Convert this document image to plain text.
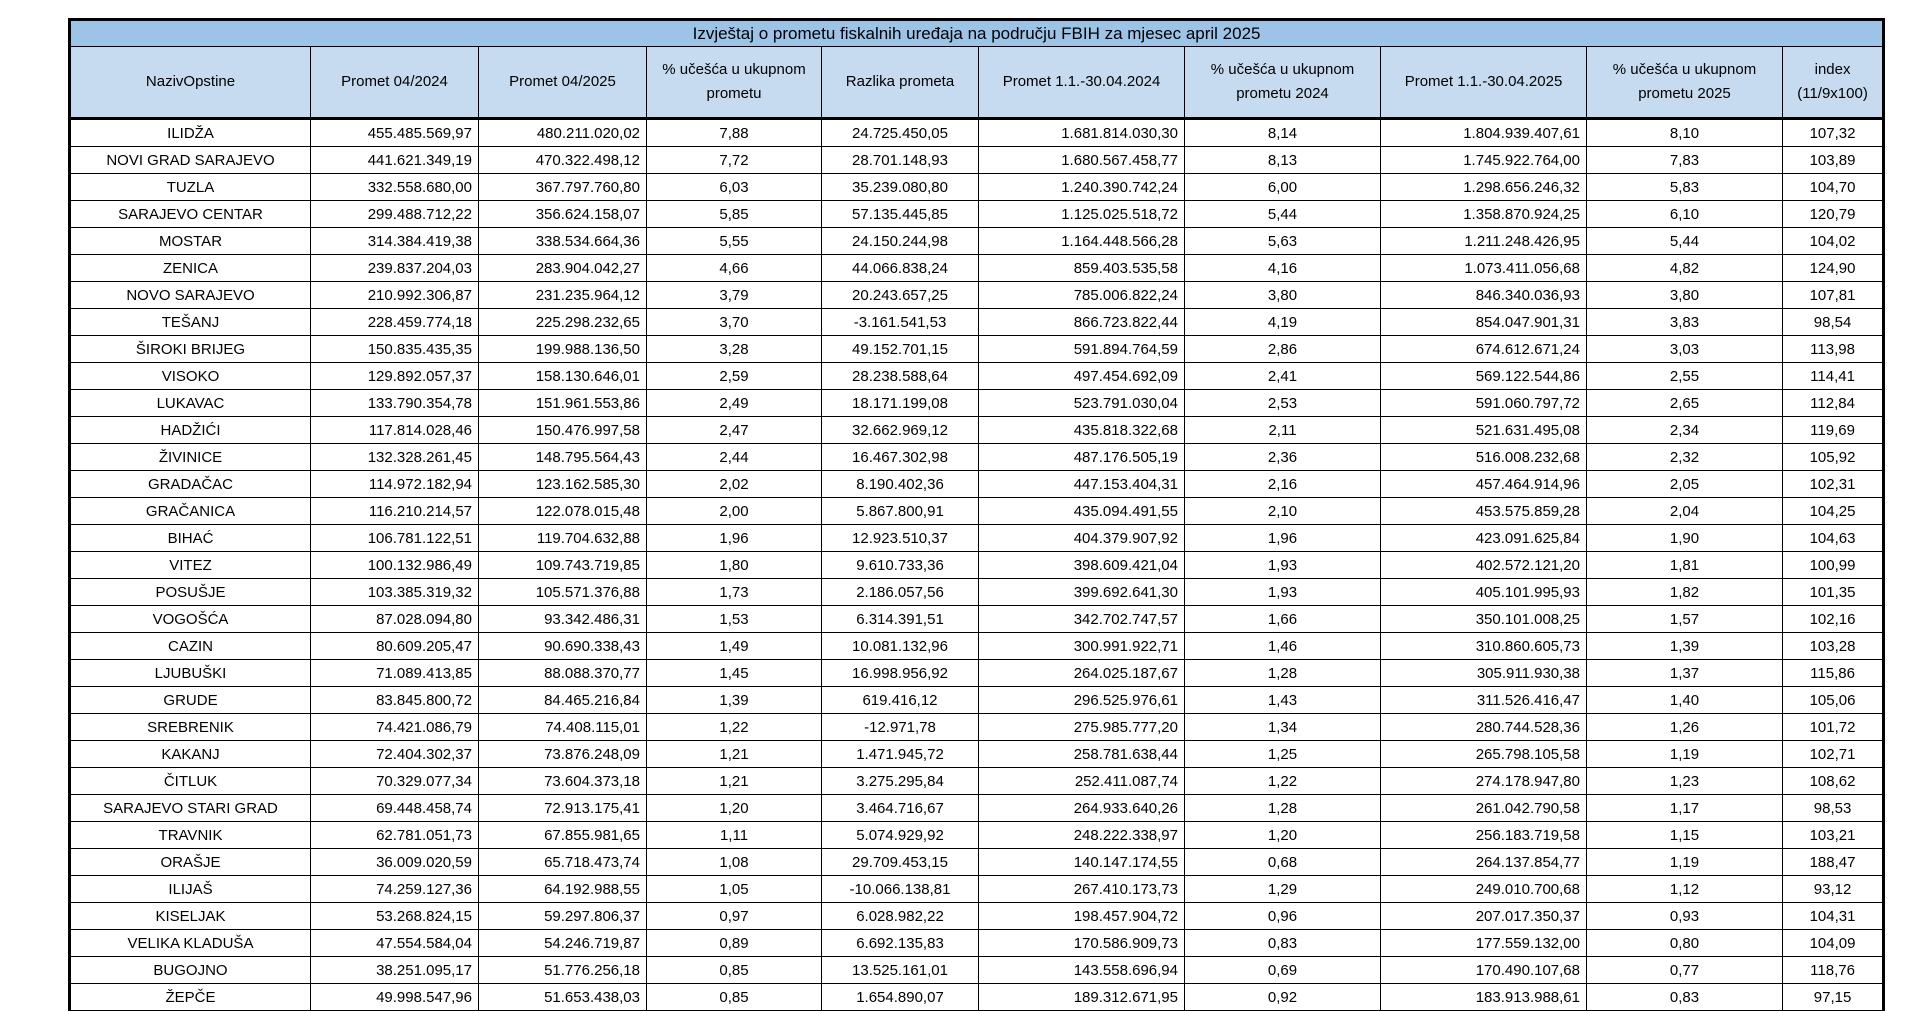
Izvještaj o prometu fiskalnih uređaja na području FBIH za mjesec april 2025									
NazivOpstine	Promet 04/2024	Promet 04/2025	% učešća u ukupnom prometu	Razlika prometa	Promet 1.1.-30.04.2024	% učešća u ukupnom prometu 2024	Promet 1.1.-30.04.2025	% učešća u ukupnom prometu 2025	index (11/9x100)
ILIDŽA	455.485.569,97	480.211.020,02	7,88	24.725.450,05	1.681.814.030,30	8,14	1.804.939.407,61	8,10	107,32
NOVI GRAD SARAJEVO	441.621.349,19	470.322.498,12	7,72	28.701.148,93	1.680.567.458,77	8,13	1.745.922.764,00	7,83	103,89
TUZLA	332.558.680,00	367.797.760,80	6,03	35.239.080,80	1.240.390.742,24	6,00	1.298.656.246,32	5,83	104,70
SARAJEVO CENTAR	299.488.712,22	356.624.158,07	5,85	57.135.445,85	1.125.025.518,72	5,44	1.358.870.924,25	6,10	120,79
MOSTAR	314.384.419,38	338.534.664,36	5,55	24.150.244,98	1.164.448.566,28	5,63	1.211.248.426,95	5,44	104,02
ZENICA	239.837.204,03	283.904.042,27	4,66	44.066.838,24	859.403.535,58	4,16	1.073.411.056,68	4,82	124,90
NOVO SARAJEVO	210.992.306,87	231.235.964,12	3,79	20.243.657,25	785.006.822,24	3,80	846.340.036,93	3,80	107,81
TEŠANJ	228.459.774,18	225.298.232,65	3,70	-3.161.541,53	866.723.822,44	4,19	854.047.901,31	3,83	98,54
ŠIROKI BRIJEG	150.835.435,35	199.988.136,50	3,28	49.152.701,15	591.894.764,59	2,86	674.612.671,24	3,03	113,98
VISOKO	129.892.057,37	158.130.646,01	2,59	28.238.588,64	497.454.692,09	2,41	569.122.544,86	2,55	114,41
LUKAVAC	133.790.354,78	151.961.553,86	2,49	18.171.199,08	523.791.030,04	2,53	591.060.797,72	2,65	112,84
HADŽIĆI	117.814.028,46	150.476.997,58	2,47	32.662.969,12	435.818.322,68	2,11	521.631.495,08	2,34	119,69
ŽIVINICE	132.328.261,45	148.795.564,43	2,44	16.467.302,98	487.176.505,19	2,36	516.008.232,68	2,32	105,92
GRADAČAC	114.972.182,94	123.162.585,30	2,02	8.190.402,36	447.153.404,31	2,16	457.464.914,96	2,05	102,31
GRAČANICA	116.210.214,57	122.078.015,48	2,00	5.867.800,91	435.094.491,55	2,10	453.575.859,28	2,04	104,25
BIHAĆ	106.781.122,51	119.704.632,88	1,96	12.923.510,37	404.379.907,92	1,96	423.091.625,84	1,90	104,63
VITEZ	100.132.986,49	109.743.719,85	1,80	9.610.733,36	398.609.421,04	1,93	402.572.121,20	1,81	100,99
POSUŠJE	103.385.319,32	105.571.376,88	1,73	2.186.057,56	399.692.641,30	1,93	405.101.995,93	1,82	101,35
VOGOŠĆA	87.028.094,80	93.342.486,31	1,53	6.314.391,51	342.702.747,57	1,66	350.101.008,25	1,57	102,16
CAZIN	80.609.205,47	90.690.338,43	1,49	10.081.132,96	300.991.922,71	1,46	310.860.605,73	1,39	103,28
LJUBUŠKI	71.089.413,85	88.088.370,77	1,45	16.998.956,92	264.025.187,67	1,28	305.911.930,38	1,37	115,86
GRUDE	83.845.800,72	84.465.216,84	1,39	619.416,12	296.525.976,61	1,43	311.526.416,47	1,40	105,06
SREBRENIK	74.421.086,79	74.408.115,01	1,22	-12.971,78	275.985.777,20	1,34	280.744.528,36	1,26	101,72
KAKANJ	72.404.302,37	73.876.248,09	1,21	1.471.945,72	258.781.638,44	1,25	265.798.105,58	1,19	102,71
ČITLUK	70.329.077,34	73.604.373,18	1,21	3.275.295,84	252.411.087,74	1,22	274.178.947,80	1,23	108,62
SARAJEVO STARI GRAD	69.448.458,74	72.913.175,41	1,20	3.464.716,67	264.933.640,26	1,28	261.042.790,58	1,17	98,53
TRAVNIK	62.781.051,73	67.855.981,65	1,11	5.074.929,92	248.222.338,97	1,20	256.183.719,58	1,15	103,21
ORAŠJE	36.009.020,59	65.718.473,74	1,08	29.709.453,15	140.147.174,55	0,68	264.137.854,77	1,19	188,47
ILIJAŠ	74.259.127,36	64.192.988,55	1,05	-10.066.138,81	267.410.173,73	1,29	249.010.700,68	1,12	93,12
KISELJAK	53.268.824,15	59.297.806,37	0,97	6.028.982,22	198.457.904,72	0,96	207.017.350,37	0,93	104,31
VELIKA KLADUŠA	47.554.584,04	54.246.719,87	0,89	6.692.135,83	170.586.909,73	0,83	177.559.132,00	0,80	104,09
BUGOJNO	38.251.095,17	51.776.256,18	0,85	13.525.161,01	143.558.696,94	0,69	170.490.107,68	0,77	118,76
ŽEPČE	49.998.547,96	51.653.438,03	0,85	1.654.890,07	189.312.671,95	0,92	183.913.988,61	0,83	97,15
